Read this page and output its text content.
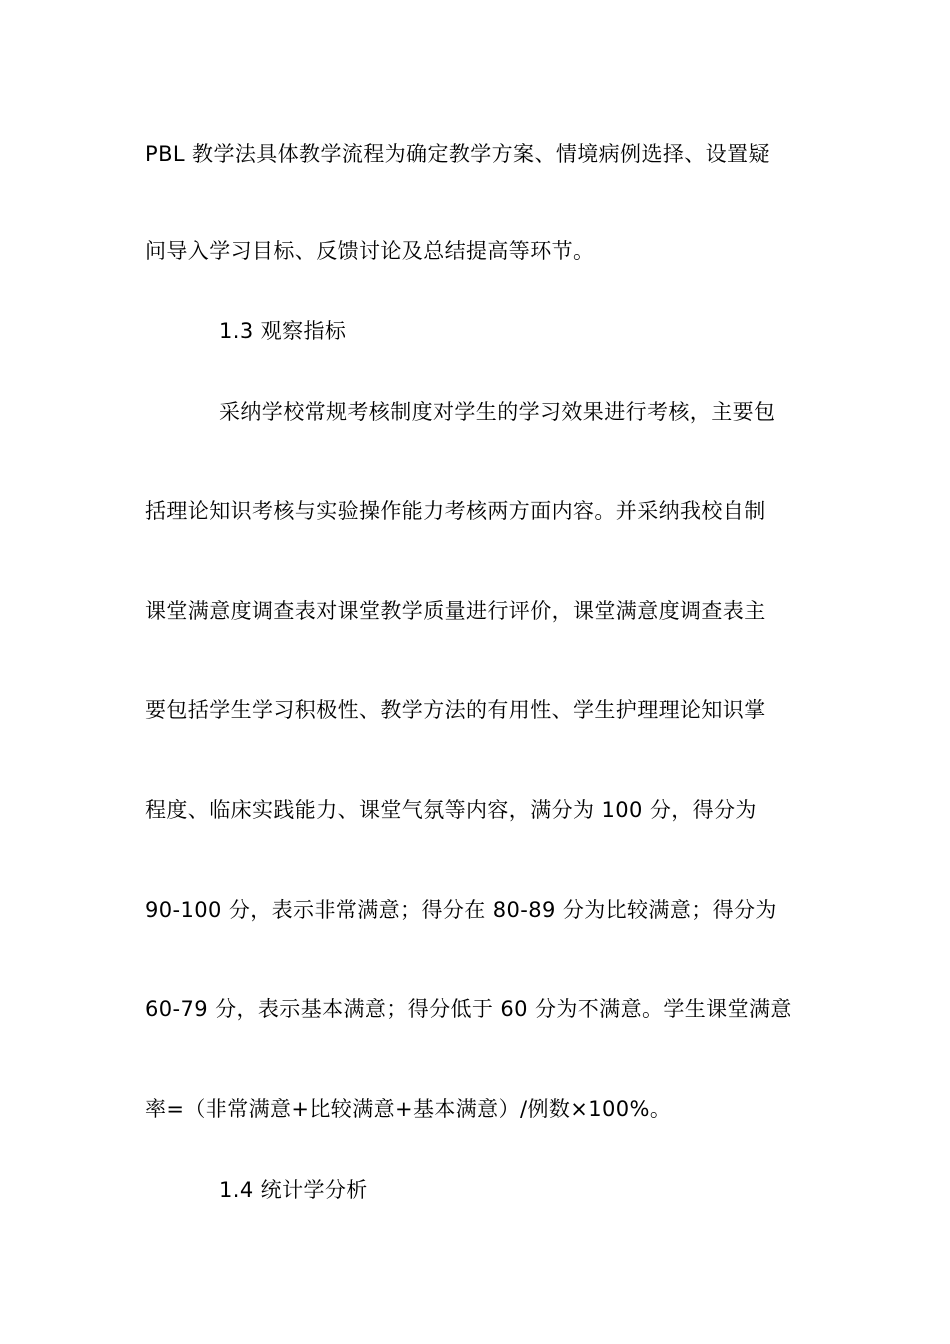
PBL 教学法具体教学流程为确定教学方案、情境病例选择、设置疑
问导入学习目标、反馈讨论及总结提高等环节。
1.3 观察指标
采纳学校常规考核制度对学生的学习效果进行考核，主要包
括理论知识考核与实验操作能力考核两方面内容。并采纳我校自制
课堂满意度调查表对课堂教学质量进行评价，课堂满意度调查表主
要包括学生学习积极性、教学方法的有用性、学生护理理论知识掌
程度、临床实践能力、课堂气氛等内容，满分为 100 分，得分为
90-100 分，表示非常满意；得分在 80-89 分为比较满意；得分为
60-79 分，表示基本满意；得分低于 60 分为不满意。学生课堂满意
率=（非常满意+比较满意+基本满意）/例数×100%。
1.4 统计学分析
